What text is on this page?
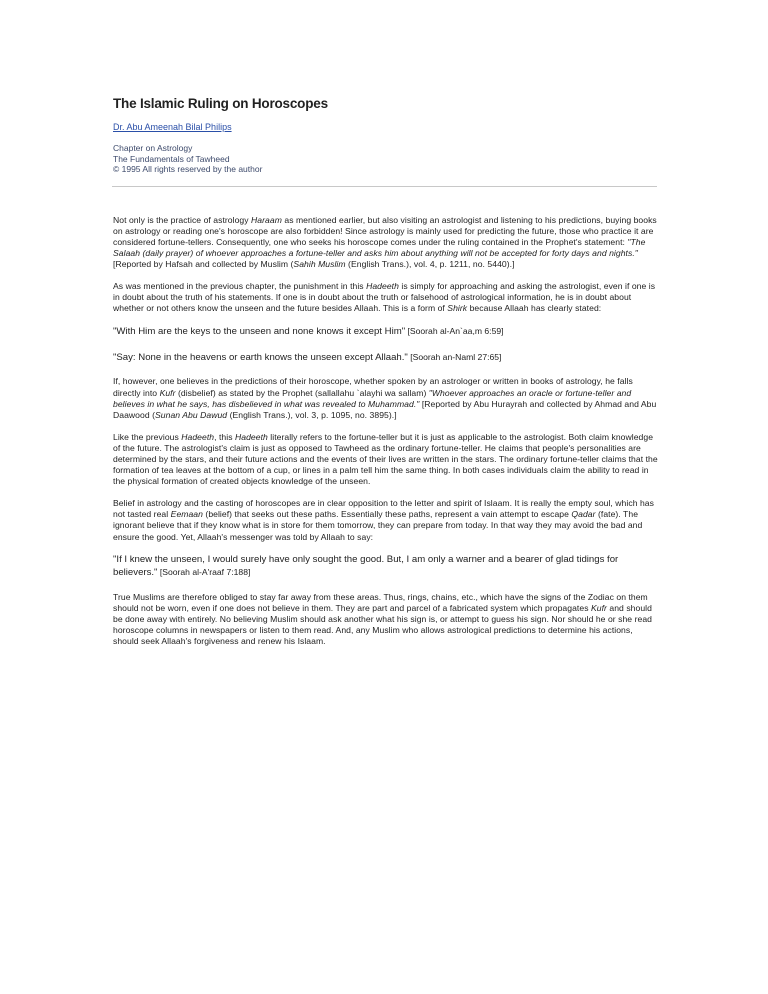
The Islamic Ruling on Horoscopes
Dr. Abu Ameenah Bilal Philips
Chapter on Astrology
The Fundamentals of Tawheed
© 1995 All rights reserved by the author

Not only is the practice of astrology Haraam as mentioned earlier, but also visiting an astrologist and listening to his predictions, buying books on astrology or reading one's horoscope are also forbidden! Since astrology is mainly used for predicting the future, those who practice it are considered fortune-tellers. Consequently, one who seeks his horoscope comes under the ruling contained in the Prophet's statement: "The Salaah (daily prayer) of whoever approaches a fortune-teller and asks him about anything will not be accepted for forty days and nights." [Reported by Hafsah and collected by Muslim (Sahih Muslim (English Trans.), vol. 4, p. 1211, no. 5440).]

As was mentioned in the previous chapter, the punishment in this Hadeeth is simply for approaching and asking the astrologist, even if one is in doubt about the truth of his statements. If one is in doubt about the truth or falsehood of astrological information, he is in doubt about whether or not others know the unseen and the future besides Allaah. This is a form of Shirk because Allaah has clearly stated:

"With Him are the keys to the unseen and none knows it except Him" [Soorah al-An`aa,m 6:59]

"Say: None in the heavens or earth knows the unseen except Allaah." [Soorah an-Naml 27:65]

If, however, one believes in the predictions of their horoscope, whether spoken by an astrologer or written in books of astrology, he falls directly into Kufr (disbelief) as stated by the Prophet (sallallahu `alayhi wa sallam) "Whoever approaches an oracle or fortune-teller and believes in what he says, has disbelieved in what was revealed to Muhammad." [Reported by Abu Hurayrah and collected by Ahmad and Abu Daawood (Sunan Abu Dawud (English Trans.), vol. 3, p. 1095, no. 3895).]

Like the previous Hadeeth, this Hadeeth literally refers to the fortune-teller but it is just as applicable to the astrologist. Both claim knowledge of the future. The astrologist's claim is just as opposed to Tawheed as the ordinary fortune-teller. He claims that people's personalities are determined by the stars, and their future actions and the events of their lives are written in the stars. The ordinary fortune-teller claims that the formation of tea leaves at the bottom of a cup, or lines in a palm tell him the same thing. In both cases individuals claim the ability to read in the physical formation of created objects knowledge of the unseen.

Belief in astrology and the casting of horoscopes are in clear opposition to the letter and spirit of Islaam. It is really the empty soul, which has not tasted real Eemaan (belief) that seeks out these paths. Essentially these paths, represent a vain attempt to escape Qadar (fate). The ignorant believe that if they know what is in store for them tomorrow, they can prepare from today. In that way they may avoid the bad and ensure the good. Yet, Allaah's messenger was told by Allaah to say:

"If I knew the unseen, I would surely have only sought the good. But, I am only a warner and a bearer of glad tidings for believers." [Soorah al-A'raaf 7:188]

True Muslims are therefore obliged to stay far away from these areas. Thus, rings, chains, etc., which have the signs of the Zodiac on them should not be worn, even if one does not believe in them. They are part and parcel of a fabricated system which propagates Kufr and should be done away with entirely. No believing Muslim should ask another what his sign is, or attempt to guess his sign. Nor should he or she read horoscope columns in newspapers or listen to them read. And, any Muslim who allows astrological predictions to determine his actions, should seek Allaah's forgiveness and renew his Islaam.
